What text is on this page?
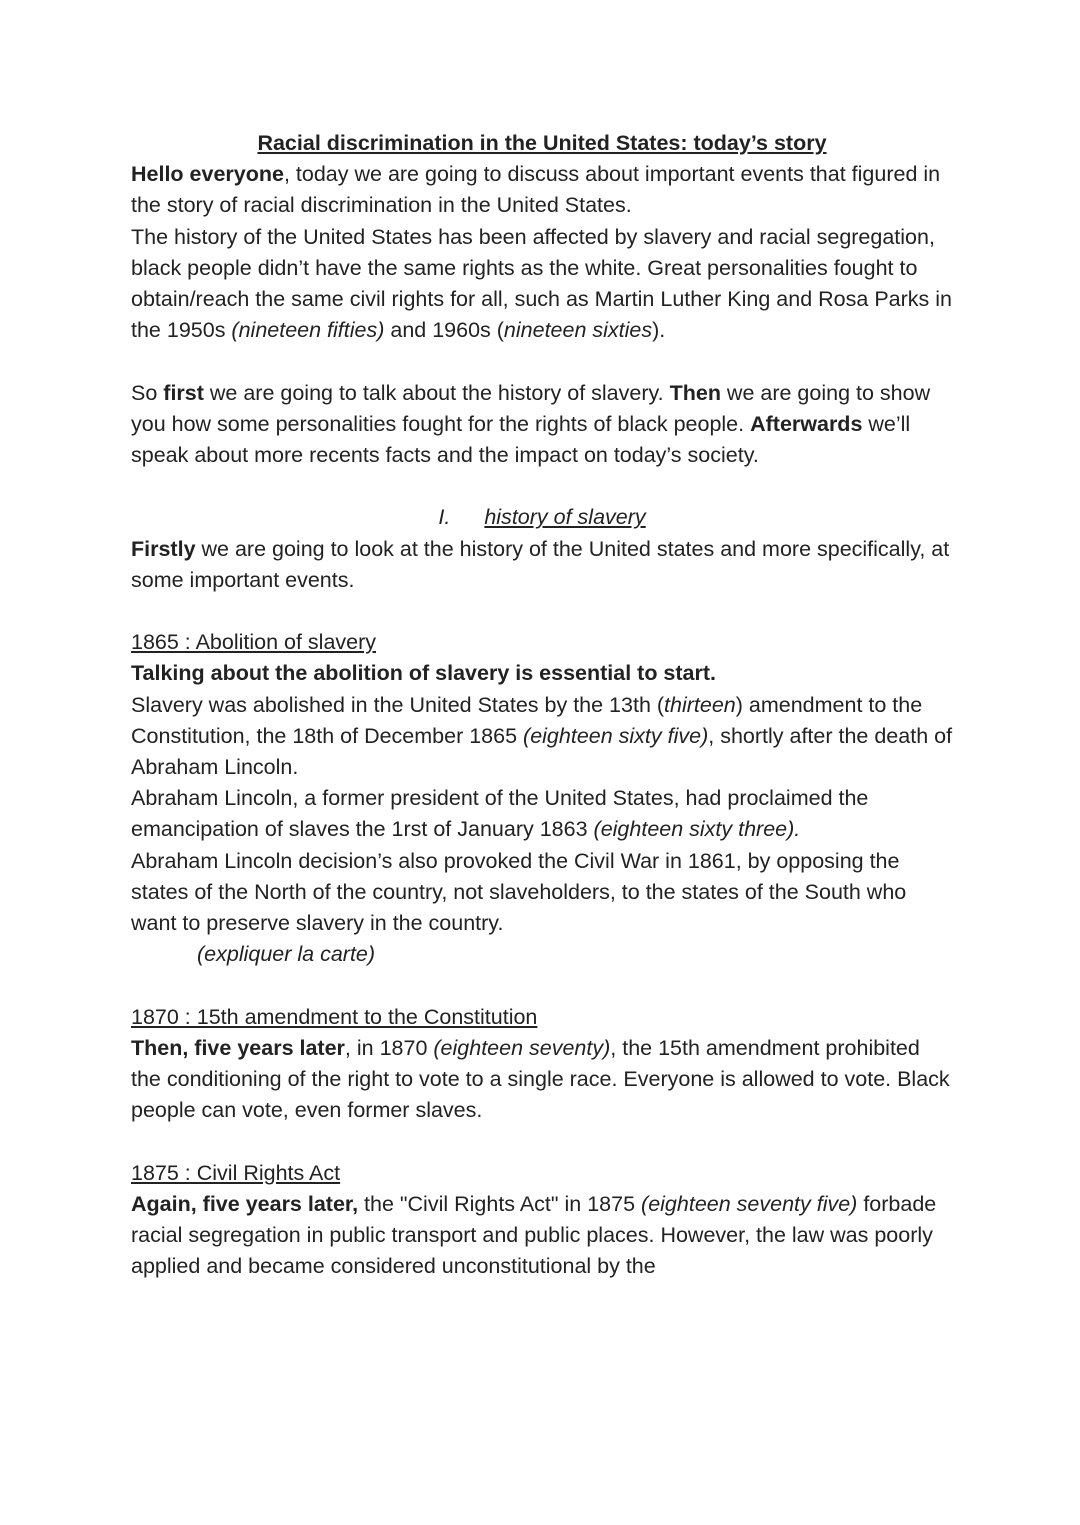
Racial discrimination in the United States: today’s story

Hello everyone, today we are going to discuss about important events that figured in the story of racial discrimination in the United States.

The history of the United States has been affected by slavery and racial segregation, black people didn’t have the same rights as the white. Great personalities fought to obtain/reach the same civil rights for all, such as Martin Luther King and Rosa Parks in the 1950s (nineteen fifties) and 1960s (nineteen sixties).

So first we are going to talk about the history of slavery. Then we are going to show you how some personalities fought for the rights of black people. Afterwards we’ll speak about more recents facts and the impact on today’s society.

I. history of slavery

Firstly we are going to look at the history of the United states and more specifically, at some important events.

1865 : Abolition of slavery

Talking about the abolition of slavery is essential to start.

Slavery was abolished in the United States by the 13th (thirteen) amendment to the Constitution, the 18th of December 1865 (eighteen sixty five), shortly after the death of Abraham Lincoln.

Abraham Lincoln, a former president of the United States, had proclaimed the emancipation of slaves the 1rst of January 1863 (eighteen sixty three).

Abraham Lincoln decision’s also provoked the Civil War in 1861, by opposing the states of the North of the country, not slaveholders, to the states of the South who want to preserve slavery in the country.

(expliquer la carte)

1870 : 15th amendment to the Constitution

Then, five years later, in 1870 (eighteen seventy), the 15th amendment prohibited the conditioning of the right to vote to a single race. Everyone is allowed to vote. Black people can vote, even former slaves.

1875 : Civil Rights Act

Again, five years later, the "Civil Rights Act" in 1875 (eighteen seventy five) forbade racial segregation in public transport and public places. However, the law was poorly applied and became considered unconstitutional by the
